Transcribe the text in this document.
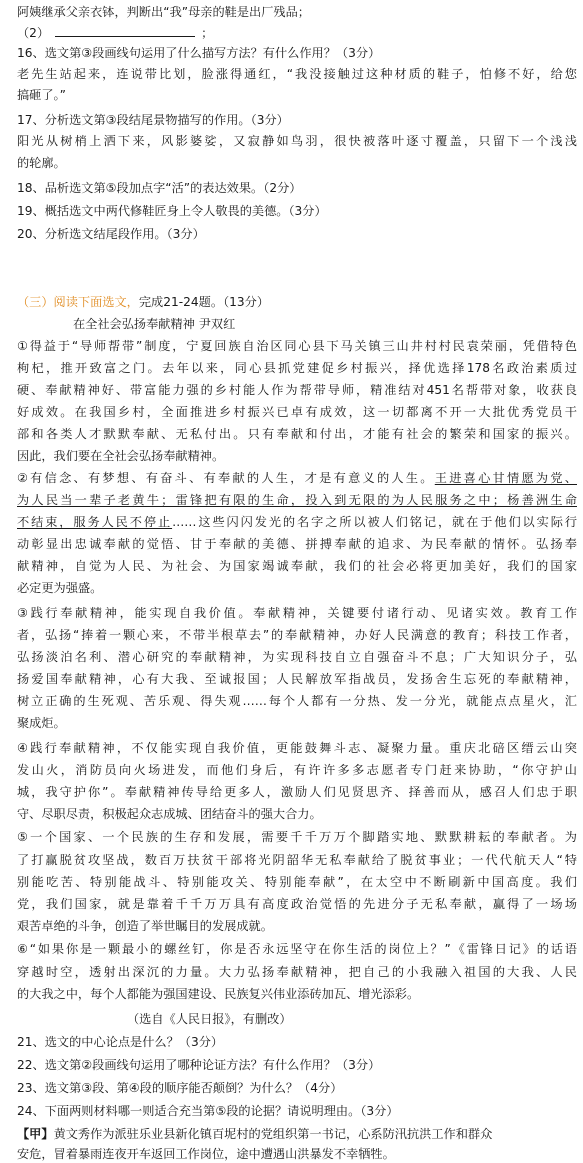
阿姨继承父亲衣钵，判断出“我”母亲的鞋是出厂残品；
（2）	；
16、选文第③段画线句运用了什么描写方法？有什么作用？（3分）
老先生站起来，连说带比划，脸涨得通红，“我没接触过这种材质的鞋子，怕修不好，给您
搞砸了。”
17、分析选文第③段结尾景物描写的作用。（3分）
阳光从树梢上洒下来，风影婆娑，又寂静如鸟羽，很快被落叶逐寸覆盖，只留下一个浅浅
的轮廓。
18、品析选文第⑤段加点字“活”的表达效果。（2分）
19、概括选文中两代修鞋匠身上令人敬畏的美德。（3分）
20、分析选文结尾段作用。（3分）
（三）阅读下面选文，完成21-24题。（13分）
在全社会弘扬奉献精神 尹双红
①得益于“导师帮带”制度，宁夏回族自治区同心县下马关镇三山井村村民袁荣丽，凭借特色
枸杞，推开致富之门。去年以来，同心县抓党建促乡村振兴，择优选择178名政治素质过
硬、奉献精神好、带富能力强的乡村能人作为帮带导师，精准结对451名帮带对象，收获良
好成效。在我国乡村，全面推进乡村振兴已卓有成效，这一切都离不开一大批优秀党员干
部和各类人才默默奉献、无私付出。只有奉献和付出，才能有社会的繁荣和国家的振兴。
因此，我们要在全社会弘扬奉献精神。
②有信念、有梦想、有奋斗、有奉献的人生，才是有意义的人生。王进喜心甘情愿为党、
为人民当一辈子老黄牛；雷锋把有限的生命，投入到无限的为人民服务之中；杨善洲生命
不结束，服务人民不停止……这些闪闪发光的名字之所以被人们铭记，就在于他们以实际行
动彰显出忠诚奉献的觉悟、甘于奉献的美德、拼搏奉献的追求、为民奉献的情怀。弘扬奉
献精神，自觉为人民、为社会、为国家竭诚奉献，我们的社会必将更加美好，我们的国家
必定更为强盛。
③践行奉献精神，能实现自我价值。奉献精神，关键要付诸行动、见诸实效。教育工作
者，弘扬“捧着一颗心来，不带半根草去”的奉献精神，办好人民满意的教育；科技工作者，
弘扬淡泊名利、潜心研究的奉献精神，为实现科技自立自强奋斗不息；广大知识分子，弘
扬爱国奉献精神，心有大我、至诚报国；人民解放军指战员，发扬舍生忘死的奉献精神，
树立正确的生死观、苦乐观、得失观……每个人都有一分热、发一分光，就能点点星火，汇
聚成炬。
④践行奉献精神，不仅能实现自我价值，更能鼓舞斗志、凝聚力量。重庆北碚区缙云山突
发山火，消防员向火场进发，而他们身后，有许许多多志愿者专门赶来协助，“你守护山
城，我守护你”。奉献精神传导给更多人，激励人们见贤思齐、择善而从，感召人们忠于职
守、尽职尽责，积极起众志成城、团结奋斗的强大合力。
⑤一个国家、一个民族的生存和发展，需要千千万万个脚踏实地、默默耕耘的奉献者。为
了打赢脱贫攻坚战，数百万扶贫干部将光阴韶华无私奉献给了脱贫事业；一代代航天人“特
别能吃苦、特别能战斗、特别能攻关、特别能奉献”，在太空中不断刷新中国高度。我们
党，我们国家，就是靠着千千万万具有高度政治觉悟的先进分子无私奉献，赢得了一场场
艰苦卓绝的斗争，创造了举世瞩目的发展成就。
⑥“如果你是一颗最小的螺丝钉，你是否永远坚守在你生活的岗位上？”《雷锋日记》的话语
穿越时空，透射出深沉的力量。大力弘扬奉献精神，把自己的小我融入祖国的大我、人民
的大我之中，每个人都能为强国建设、民族复兴伟业添砖加瓦、增光添彩。
（选自《人民日报》，有删改）
21、选文的中心论点是什么？（3分）
22、选文第②段画线句运用了哪种论证方法？有什么作用？（3分）
23、选文第③段、第④段的顺序能否颠倒？为什么？（4分）
24、下面两则材料哪一则适合充当第⑤段的论据？请说明理由。（3分）
【甲】黄文秀作为派驻乐业县新化镇百坭村的党组织第一书记，心系防汛抗洪工作和群众
安危，冒着暴雨连夜开车返回工作岗位，途中遭遇山洪暴发不幸牺牲。
